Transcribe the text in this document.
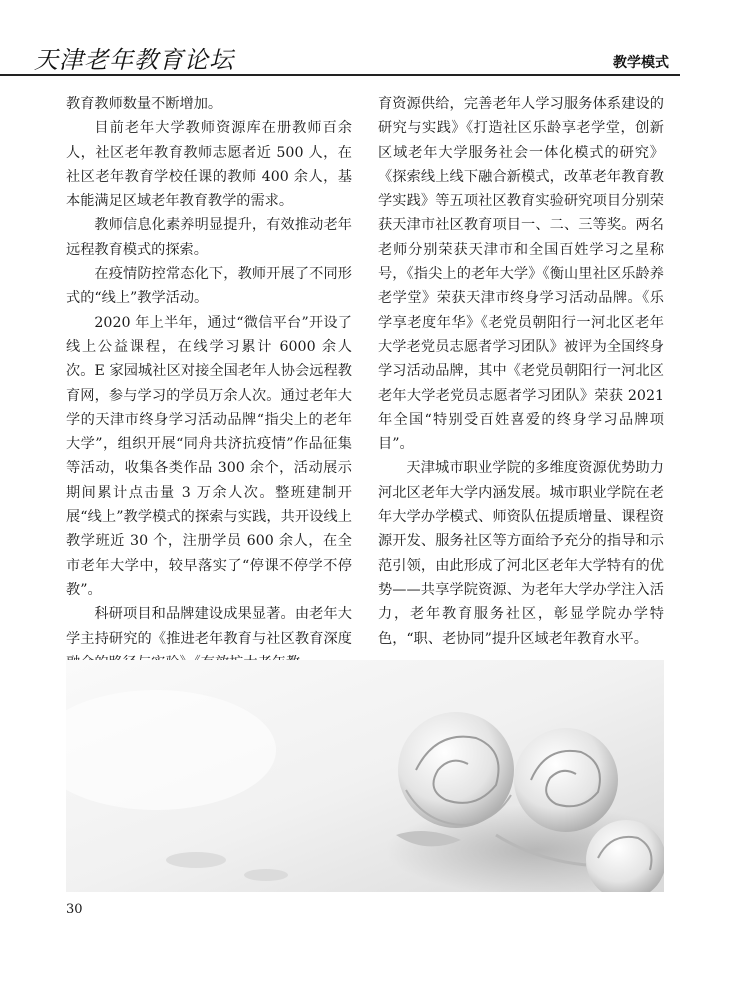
天津老年教育论坛	教学模式

教育教师数量不断增加。

目前老年大学教师资源库在册教师百余人，社区老年教育教师志愿者近 500 人，在社区老年教育学校任课的教师 400 余人，基本能满足区域老年教育教学的需求。

教师信息化素养明显提升，有效推动老年远程教育模式的探索。

在疫情防控常态化下，教师开展了不同形式的“线上”教学活动。

2020 年上半年，通过“微信平台”开设了线上公益课程，在线学习累计 6000 余人次。E 家园城社区对接全国老年人协会远程教育网，参与学习的学员万余人次。通过老年大学的天津市终身学习活动品牌“指尖上的老年大学”，组织开展“同舟共济抗疫情”作品征集等活动，收集各类作品 300 余个，活动展示期间累计点击量 3 万余人次。整班建制开展“线上”教学模式的探索与实践，共开设线上教学班近 30 个，注册学员 600 余人，在全市老年大学中，较早落实了“停课不停学不停教”。

科研项目和品牌建设成果显著。由老年大学主持研究的《推进老年教育与社区教育深度

育资源供给，完善老年人学习服务体系建设的研究与实践》《打造社区乐龄享老学堂，创新区域老年大学服务社会一体化模式的研究》《探索线上线下融合新模式，改革老年教育教学实践》等五项社区教育实验研究项目分别荣获天津市社区教育项目一、二、三等奖。两名老师分别荣获天津市和全国百姓学习之星称号，《指尖上的老年大学》《衡山里社区乐龄养老学堂》荣获天津市终身学习活动品牌。《乐学享老度年华》《老党员朝阳行一河北区老年大学老党员志愿者学习团队》被评为全国终身学习活动品牌，其中《老党员朝阳行一河北区老年大学老党员志愿者学习团队》荣获 2021 年全国“特别受百姓喜爱的终身学习品牌项目”。

天津城市职业学院的多维度资源优势助力河北区老年大学内涵发展。城市职业学院在老年大学办学模式、师资队伍提质增量、课程资源开发、服务社区等方面给予充分的指导和示范引领，由此形成了河北区老年大学特有的优势——共享学院资源、为老年大学办学注入活力，老年教育服务社区，彰显学院办学特色，“职、老协同”提升区域老年教育水平。

30
